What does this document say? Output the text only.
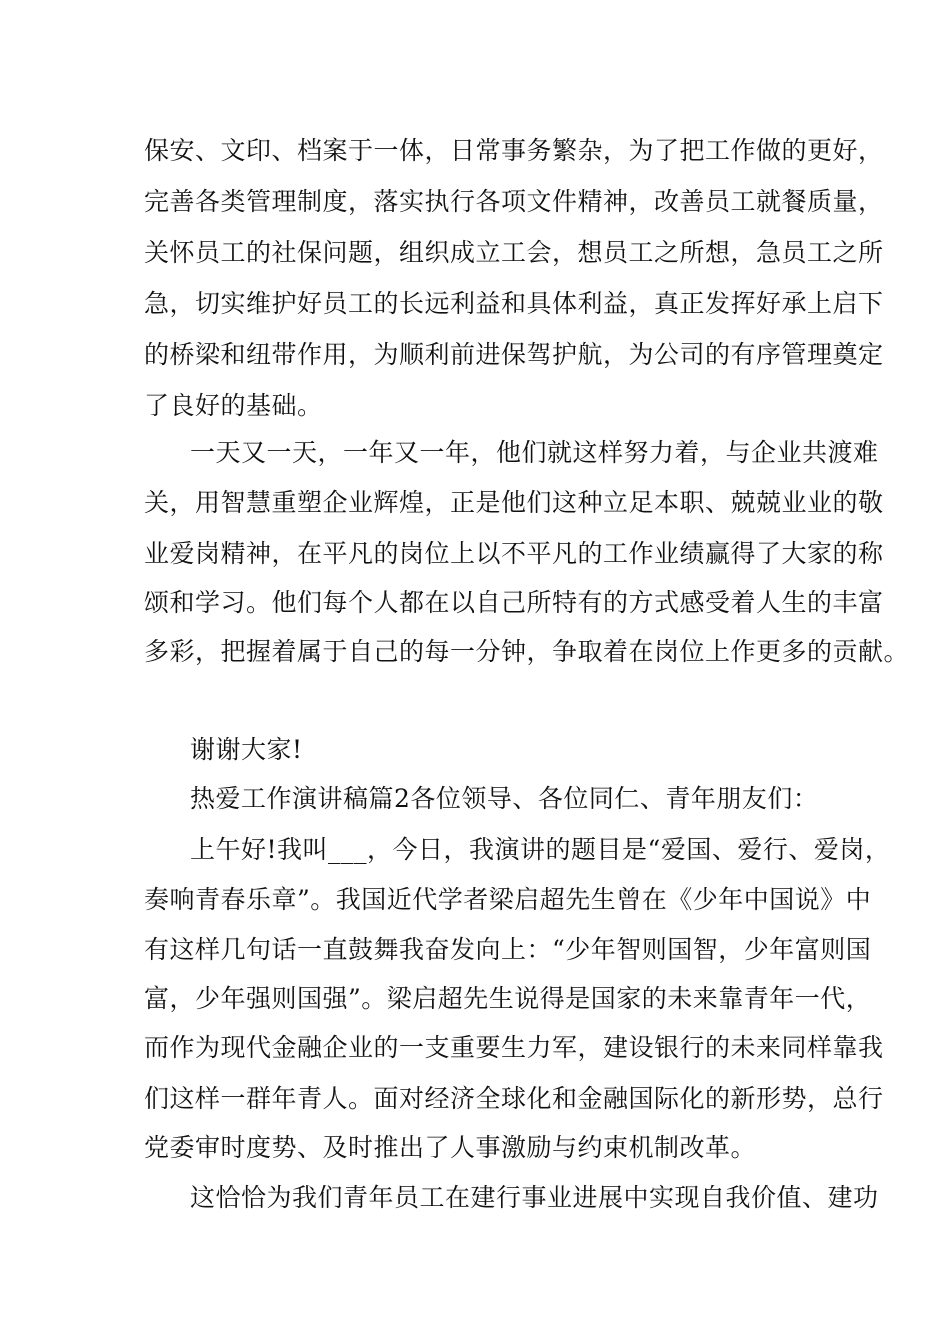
保安、文印、档案于一体，日常事务繁杂，为了把工作做的更好，
完善各类管理制度，落实执行各项文件精神，改善员工就餐质量，
关怀员工的社保问题，组织成立工会，想员工之所想，急员工之所
急，切实维护好员工的长远利益和具体利益，真正发挥好承上启下
的桥梁和纽带作用，为顺利前进保驾护航，为公司的有序管理奠定
了良好的基础。
一天又一天，一年又一年，他们就这样努力着，与企业共渡难
关，用智慧重塑企业辉煌，正是他们这种立足本职、兢兢业业的敬
业爱岗精神，在平凡的岗位上以不平凡的工作业绩赢得了大家的称
颂和学习。他们每个人都在以自己所特有的方式感受着人生的丰富
多彩，把握着属于自己的每一分钟，争取着在岗位上作更多的贡献。
谢谢大家!
热爱工作演讲稿篇2各位领导、各位同仁、青年朋友们：
上午好!我叫___，今日，我演讲的题目是“爱国、爱行、爱岗，
奏响青春乐章”。我国近代学者梁启超先生曾在《少年中国说》中
有这样几句话一直鼓舞我奋发向上：“少年智则国智，少年富则国
富，少年强则国强”。梁启超先生说得是国家的未来靠青年一代，
而作为现代金融企业的一支重要生力军，建设银行的未来同样靠我
们这样一群年青人。面对经济全球化和金融国际化的新形势，总行
党委审时度势、及时推出了人事激励与约束机制改革。
这恰恰为我们青年员工在建行事业进展中实现自我价值、建功
